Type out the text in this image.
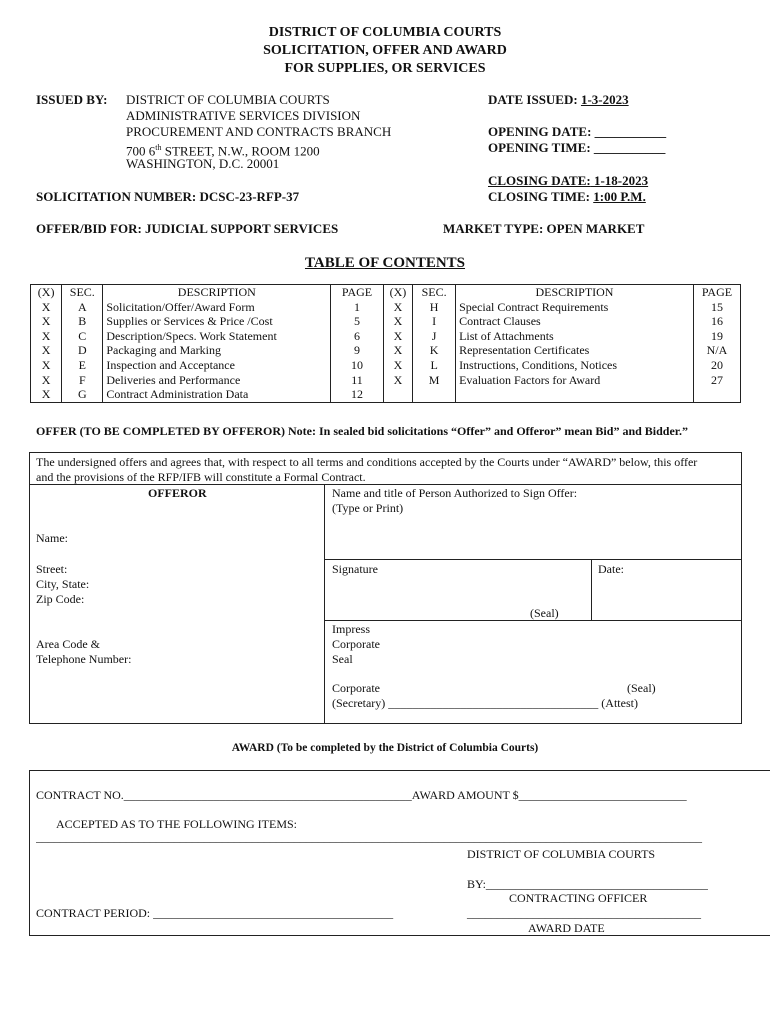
DISTRICT OF COLUMBIA COURTS
SOLICITATION, OFFER AND AWARD
FOR SUPPLIES, OR SERVICES
ISSUED BY: DISTRICT OF COLUMBIA COURTS
ADMINISTRATIVE SERVICES DIVISION
PROCUREMENT AND CONTRACTS BRANCH
700 6th STREET, N.W., ROOM 1200
WASHINGTON, D.C. 20001
DATE ISSUED: 1-3-2023
OPENING DATE: ___________
OPENING TIME: ___________
CLOSING DATE: 1-18-2023
CLOSING TIME: 1:00 P.M.
SOLICITATION NUMBER: DCSC-23-RFP-37
OFFER/BID FOR: JUDICIAL SUPPORT SERVICES	MARKET TYPE: OPEN MARKET
TABLE OF CONTENTS
(X)	SEC.	DESCRIPTION	PAGE	(X)	SEC.	DESCRIPTION	PAGE
X	A	Solicitation/Offer/Award Form	1	X	H	Special Contract Requirements	15
X	B	Supplies or Services & Price /Cost	5	X	I	Contract Clauses	16
X	C	Description/Specs. Work Statement	6	X	J	List of Attachments	19
X	D	Packaging and Marking	9	X	K	Representation Certificates	N/A
X	E	Inspection and Acceptance	10	X	L	Instructions, Conditions, Notices	20
X	F	Deliveries and Performance	11	X	M	Evaluation Factors for Award	27
X	G	Contract Administration Data	12				
OFFER (TO BE COMPLETED BY OFFEROR) Note: In sealed bid solicitations “Offer” and Offeror” mean Bid” and Bidder.”
The undersigned offers and agrees that, with respect to all terms and conditions accepted by the Courts under “AWARD” below, this offer
and the provisions of the RFP/IFB will constitute a Formal Contract.
OFFEROR	Name and title of Person Authorized to Sign Offer:
(Type or Print)
Name:
Street:
City, State:
Zip Code:
Area Code &
Telephone Number:
Signature	Date:
(Seal)
Impress
Corporate
Seal
Corporate	(Seal)
(Secretary) ___________________________________ (Attest)
AWARD (To be completed by the District of Columbia Courts)
CONTRACT NO.________________________________________________AWARD AMOUNT $____________________________
ACCEPTED AS TO THE FOLLOWING ITEMS:
_______________________________________________________________________________________________________________
DISTRICT OF COLUMBIA COURTS
BY:_____________________________________
CONTRACTING OFFICER
CONTRACT PERIOD: ________________________________________	_______________________________________
AWARD DATE
